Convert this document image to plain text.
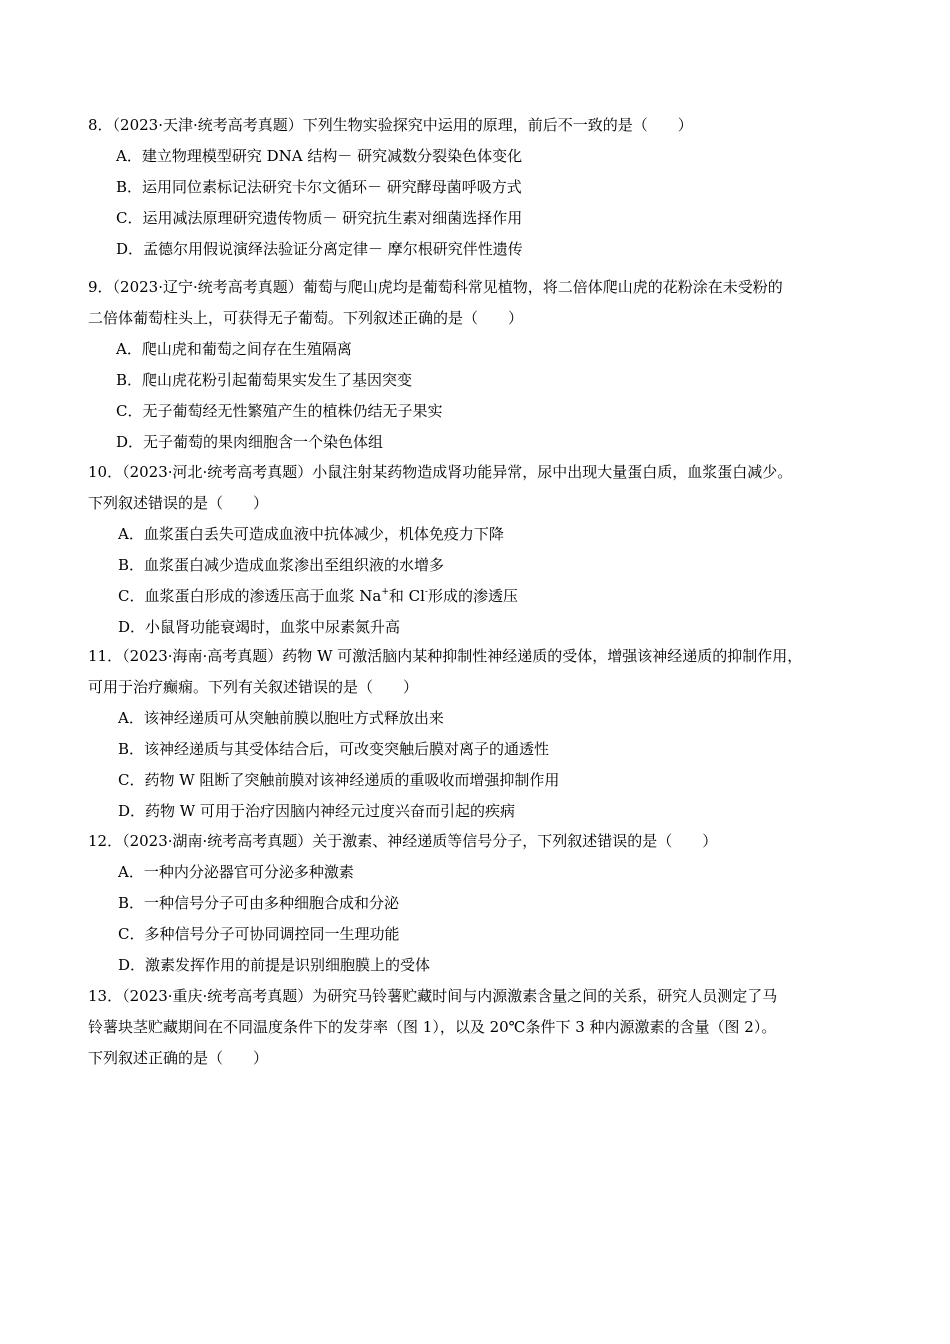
8．（2023·天津·统考高考真题）下列生物实验探究中运用的原理，前后不一致的是（　　）
A．建立物理模型研究 DNA 结构－ 研究减数分裂染色体变化
B．运用同位素标记法研究卡尔文循环－ 研究酵母菌呼吸方式
C．运用减法原理研究遗传物质－ 研究抗生素对细菌选择作用
D．孟德尔用假说演绎法验证分离定律－ 摩尔根研究伴性遗传
9．（2023·辽宁·统考高考真题）葡萄与爬山虎均是葡萄科常见植物，将二倍体爬山虎的花粉涂在未受粉的
二倍体葡萄柱头上，可获得无子葡萄。下列叙述正确的是（　　）
A．爬山虎和葡萄之间存在生殖隔离
B．爬山虎花粉引起葡萄果实发生了基因突变
C．无子葡萄经无性繁殖产生的植株仍结无子果实
D．无子葡萄的果肉细胞含一个染色体组
10．（2023·河北·统考高考真题）小鼠注射某药物造成肾功能异常，尿中出现大量蛋白质，血浆蛋白减少。
下列叙述错误的是（　　）
A．血浆蛋白丢失可造成血液中抗体减少，机体免疫力下降
B．血浆蛋白减少造成血浆渗出至组织液的水增多
C．血浆蛋白形成的渗透压高于血浆 Na+和 Cl-形成的渗透压
D．小鼠肾功能衰竭时，血浆中尿素氮升高
11．（2023·海南·高考真题）药物 W 可激活脑内某种抑制性神经递质的受体，增强该神经递质的抑制作用，
可用于治疗癫痫。下列有关叙述错误的是（　　）
A．该神经递质可从突触前膜以胞吐方式释放出来
B．该神经递质与其受体结合后，可改变突触后膜对离子的通透性
C．药物 W 阻断了突触前膜对该神经递质的重吸收而增强抑制作用
D．药物 W 可用于治疗因脑内神经元过度兴奋而引起的疾病
12．（2023·湖南·统考高考真题）关于激素、神经递质等信号分子，下列叙述错误的是（　　）
A．一种内分泌器官可分泌多种激素
B．一种信号分子可由多种细胞合成和分泌
C．多种信号分子可协同调控同一生理功能
D．激素发挥作用的前提是识别细胞膜上的受体
13．（2023·重庆·统考高考真题）为研究马铃薯贮藏时间与内源激素含量之间的关系，研究人员测定了马
铃薯块茎贮藏期间在不同温度条件下的发芽率（图 1），以及 20℃条件下 3 种内源激素的含量（图 2）。
下列叙述正确的是（　　）
